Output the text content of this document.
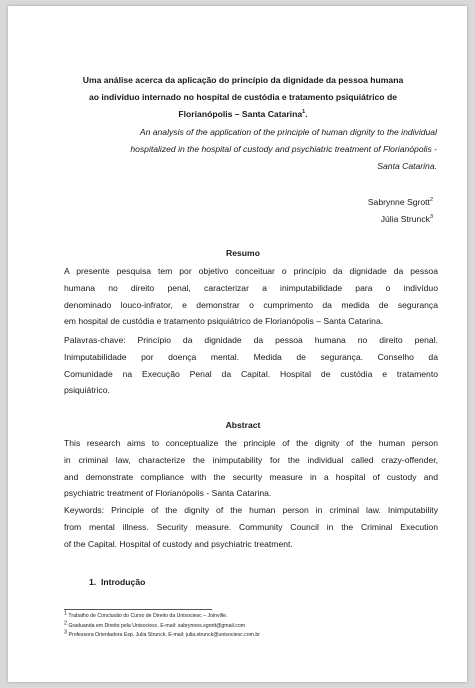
Uma análise acerca da aplicação do princípio da dignidade da pessoa humana
ao indivíduo internado no hospital de custódia e tratamento psiquiátrico de
Florianópolis – Santa Catarina$^1$.
An analysis of the application of the principle of human dignity to the individual
hospitalized in the hospital of custody and psychiatric treatment of Florianópolis -
Santa Catarina.
Sabrynne Sgrott$^2$
Júlia Strunck$^3$
Resumo
A presente pesquisa tem por objetivo conceituar o princípio da dignidade da pessoa
humana no direito penal, caracterizar a inimputabilidade para o indivíduo
denominado louco-infrator, e demonstrar o cumprimento da medida de segurança
em hospital de custódia e tratamento psiquiátrico de Florianópolis – Santa Catarina.
Palavras-chave: Princípio da dignidade da pessoa humana no direito penal.
Inimputabilidade por doença mental. Medida de segurança. Conselho da
Comunidade na Execução Penal da Capital. Hospital de custódia e tratamento
psiquiátrico.
Abstract
This research aims to conceptualize the principle of the dignity of the human person
in criminal law, characterize the inimputability for the individual called crazy-offender,
and demonstrate compliance with the security measure in a hospital of custody and
psychiatric treatment of Florianópolis - Santa Catarina.
Keywords: Principle of the dignity of the human person in criminal law. Inimputability
from mental illness. Security measure. Community Council in the Criminal Execution
of the Capital. Hospital of custody and psychiatric treatment.
1. Introdução
$^1$ Trabalho de Conclusão do Curso de Direito da Unisociesc – Joinville.
$^2$ Graduanda em Direito pela Unisociesc. E-mail: sabrynnes.sgrott@gmail.com
$^3$ Professora Orientadora Esp. Julia Strunck. E-mail: julia.strunck@unisociesc.com.br
